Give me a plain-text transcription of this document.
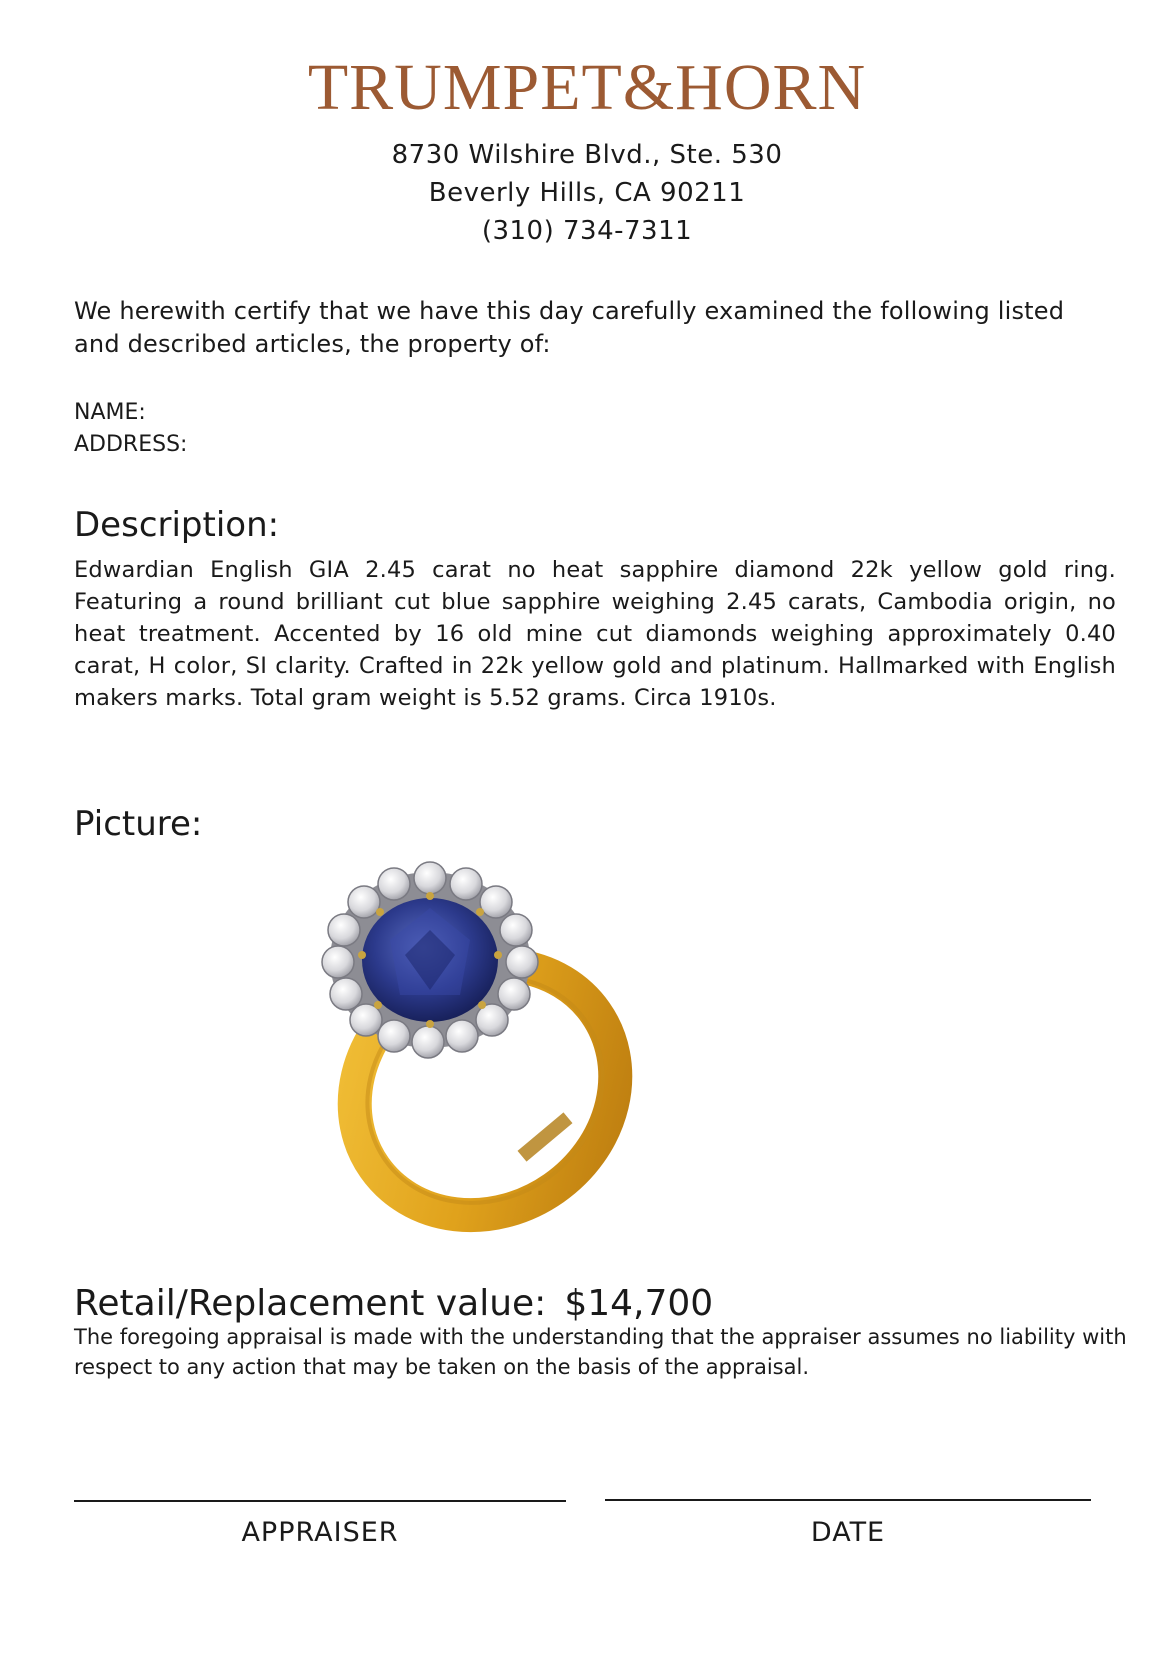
TRUMPET&HORN
8730 Wilshire Blvd., Ste. 530
Beverly Hills, CA 90211
(310) 734-7311
We herewith certify that we have this day carefully examined the following listed and described articles, the property of:
NAME:
ADDRESS:
Description:
Edwardian English GIA 2.45 carat no heat sapphire diamond 22k yellow gold ring. Featuring a round brilliant cut blue sapphire weighing 2.45 carats, Cambodia origin, no heat treatment. Accented by 16 old mine cut diamonds weighing approximately 0.40 carat, H color, SI clarity. Crafted in 22k yellow gold and platinum. Hallmarked with English makers marks. Total gram weight is 5.52 grams. Circa 1910s.
Picture:
Retail/Replacement value: $14,700
The foregoing appraisal is made with the understanding that the appraiser assumes no liability with respect to any action that may be taken on the basis of the appraisal.
APPRAISER	DATE
